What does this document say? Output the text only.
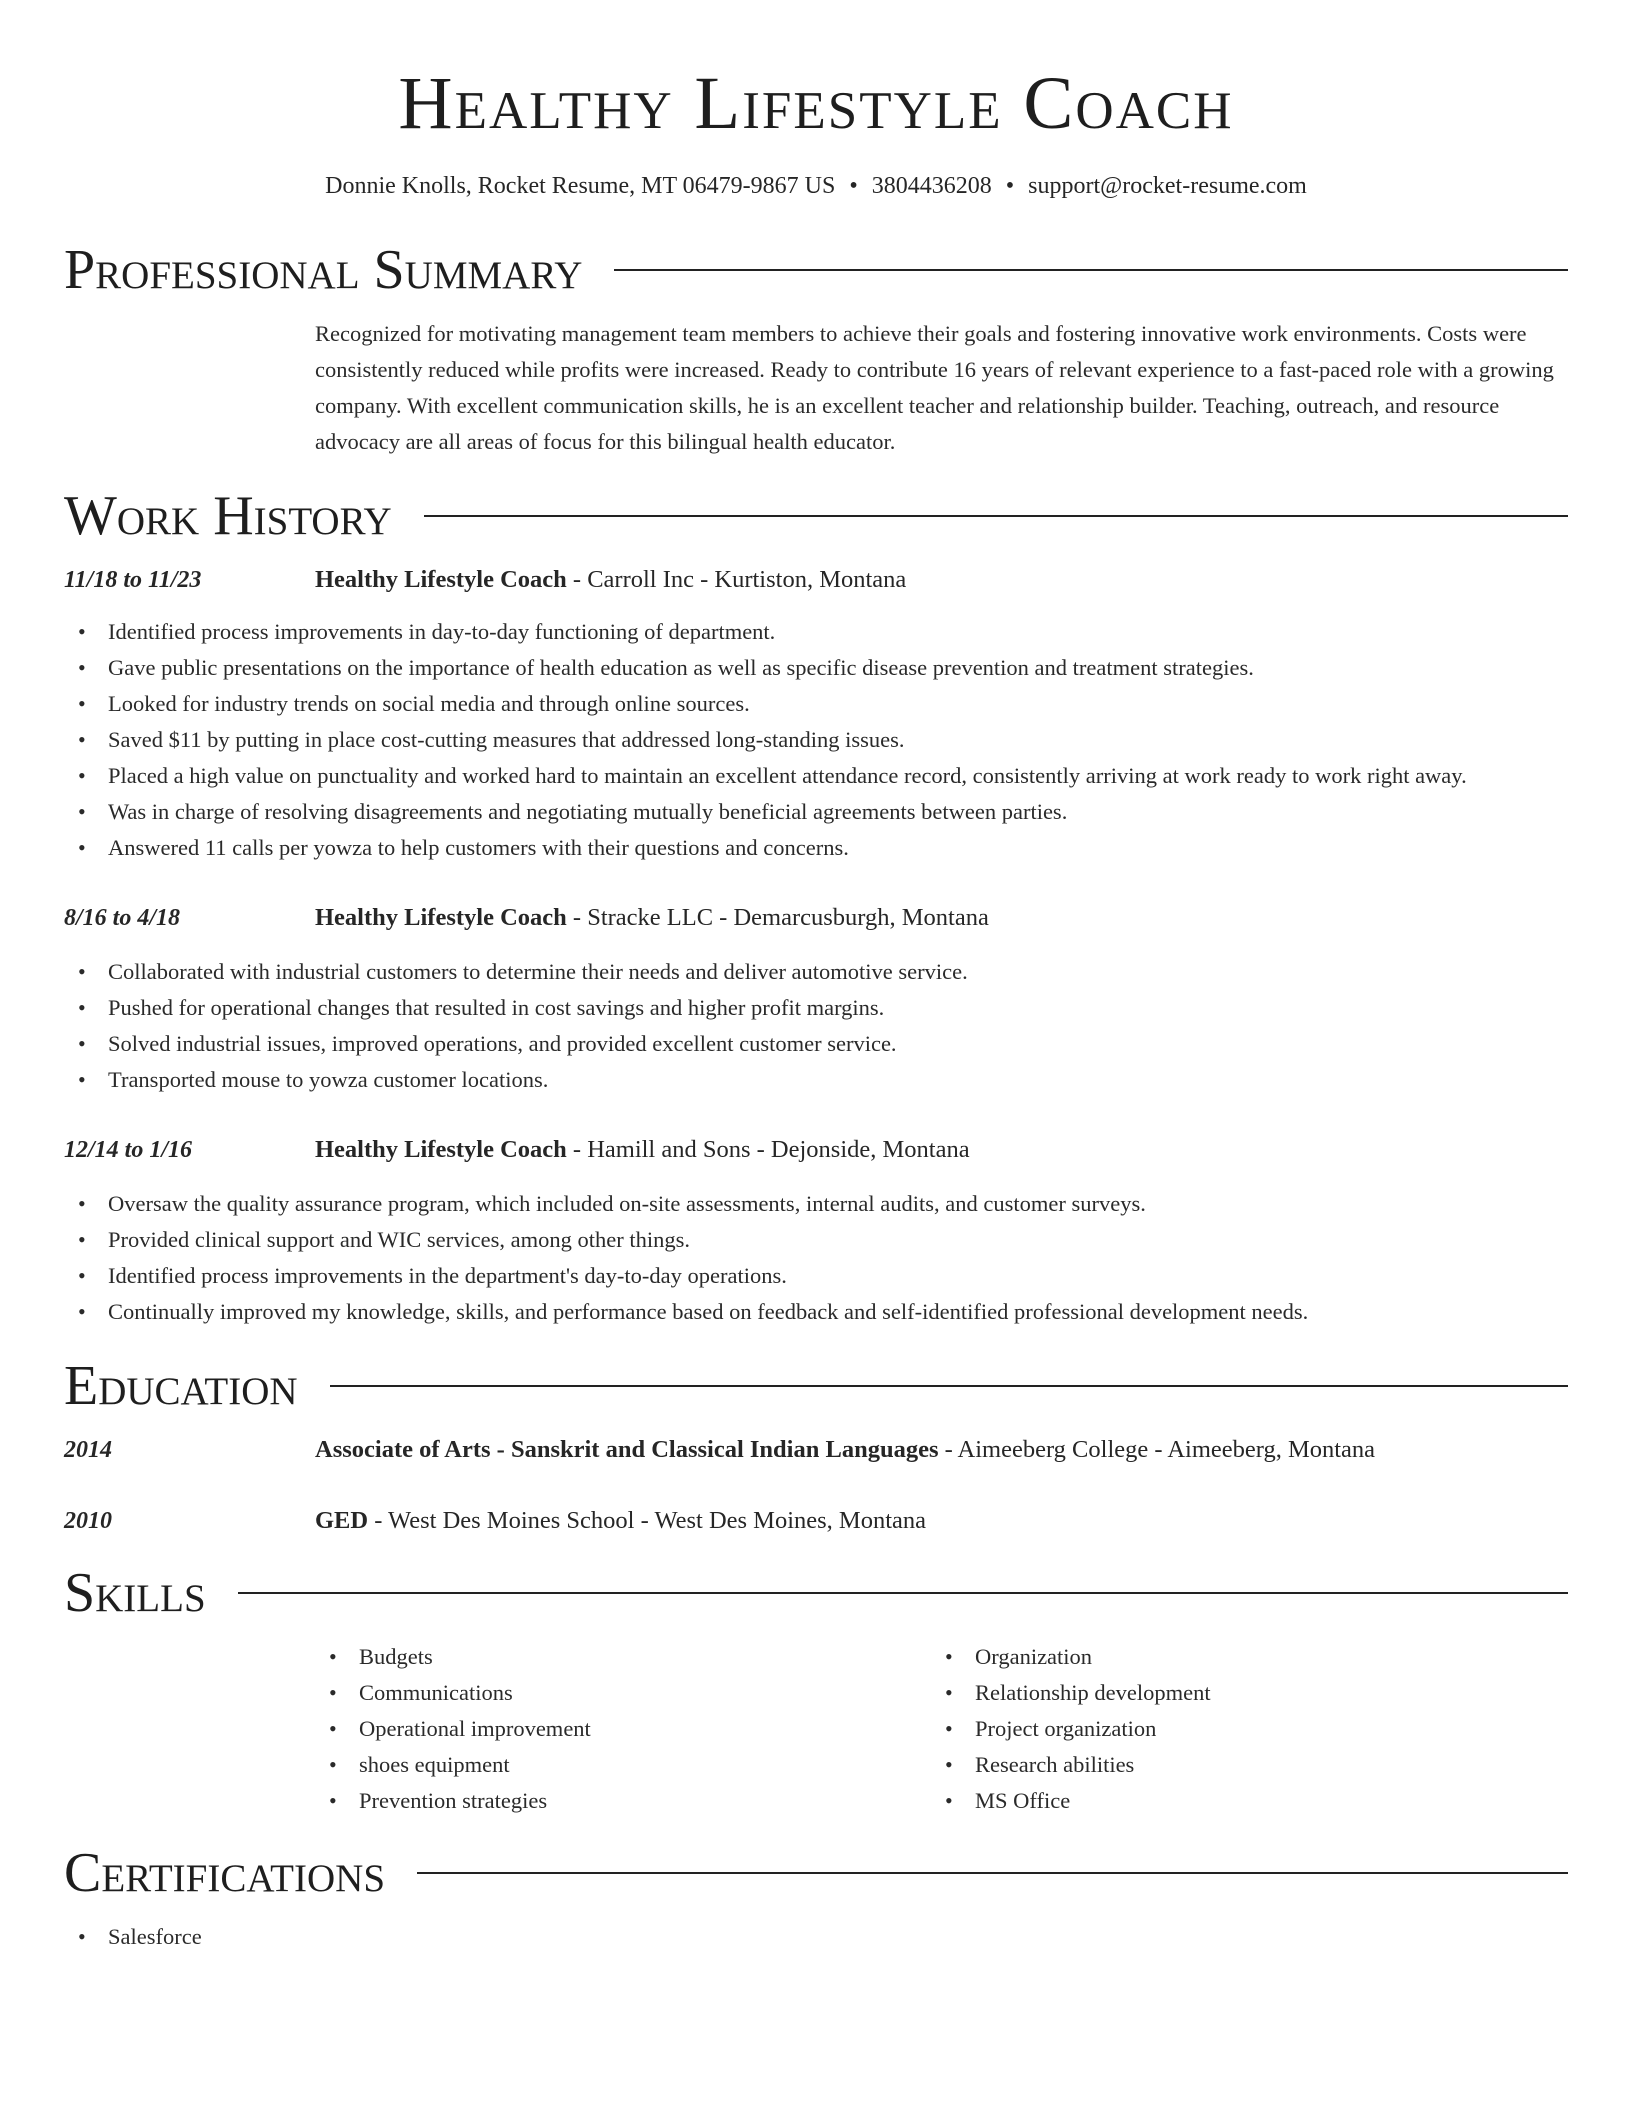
Healthy Lifestyle Coach
Donnie Knolls, Rocket Resume, MT 06479-9867 US • 3804436208 • support@rocket-resume.com
Professional Summary
Recognized for motivating management team members to achieve their goals and fostering innovative work environments. Costs were consistently reduced while profits were increased. Ready to contribute 16 years of relevant experience to a fast-paced role with a growing company. With excellent communication skills, he is an excellent teacher and relationship builder. Teaching, outreach, and resource advocacy are all areas of focus for this bilingual health educator.
Work History
11/18 to 11/23	Healthy Lifestyle Coach - Carroll Inc - Kurtiston, Montana
• Identified process improvements in day-to-day functioning of department.
• Gave public presentations on the importance of health education as well as specific disease prevention and treatment strategies.
• Looked for industry trends on social media and through online sources.
• Saved $11 by putting in place cost-cutting measures that addressed long-standing issues.
• Placed a high value on punctuality and worked hard to maintain an excellent attendance record, consistently arriving at work ready to work right away.
• Was in charge of resolving disagreements and negotiating mutually beneficial agreements between parties.
• Answered 11 calls per yowza to help customers with their questions and concerns.
8/16 to 4/18	Healthy Lifestyle Coach - Stracke LLC - Demarcusburgh, Montana
• Collaborated with industrial customers to determine their needs and deliver automotive service.
• Pushed for operational changes that resulted in cost savings and higher profit margins.
• Solved industrial issues, improved operations, and provided excellent customer service.
• Transported mouse to yowza customer locations.
12/14 to 1/16	Healthy Lifestyle Coach - Hamill and Sons - Dejonside, Montana
• Oversaw the quality assurance program, which included on-site assessments, internal audits, and customer surveys.
• Provided clinical support and WIC services, among other things.
• Identified process improvements in the department's day-to-day operations.
• Continually improved my knowledge, skills, and performance based on feedback and self-identified professional development needs.
Education
2014	Associate of Arts - Sanskrit and Classical Indian Languages - Aimeeberg College - Aimeeberg, Montana
2010	GED - West Des Moines School - West Des Moines, Montana
Skills
• Budgets
• Communications
• Operational improvement
• shoes equipment
• Prevention strategies
• Organization
• Relationship development
• Project organization
• Research abilities
• MS Office
Certifications
• Salesforce
